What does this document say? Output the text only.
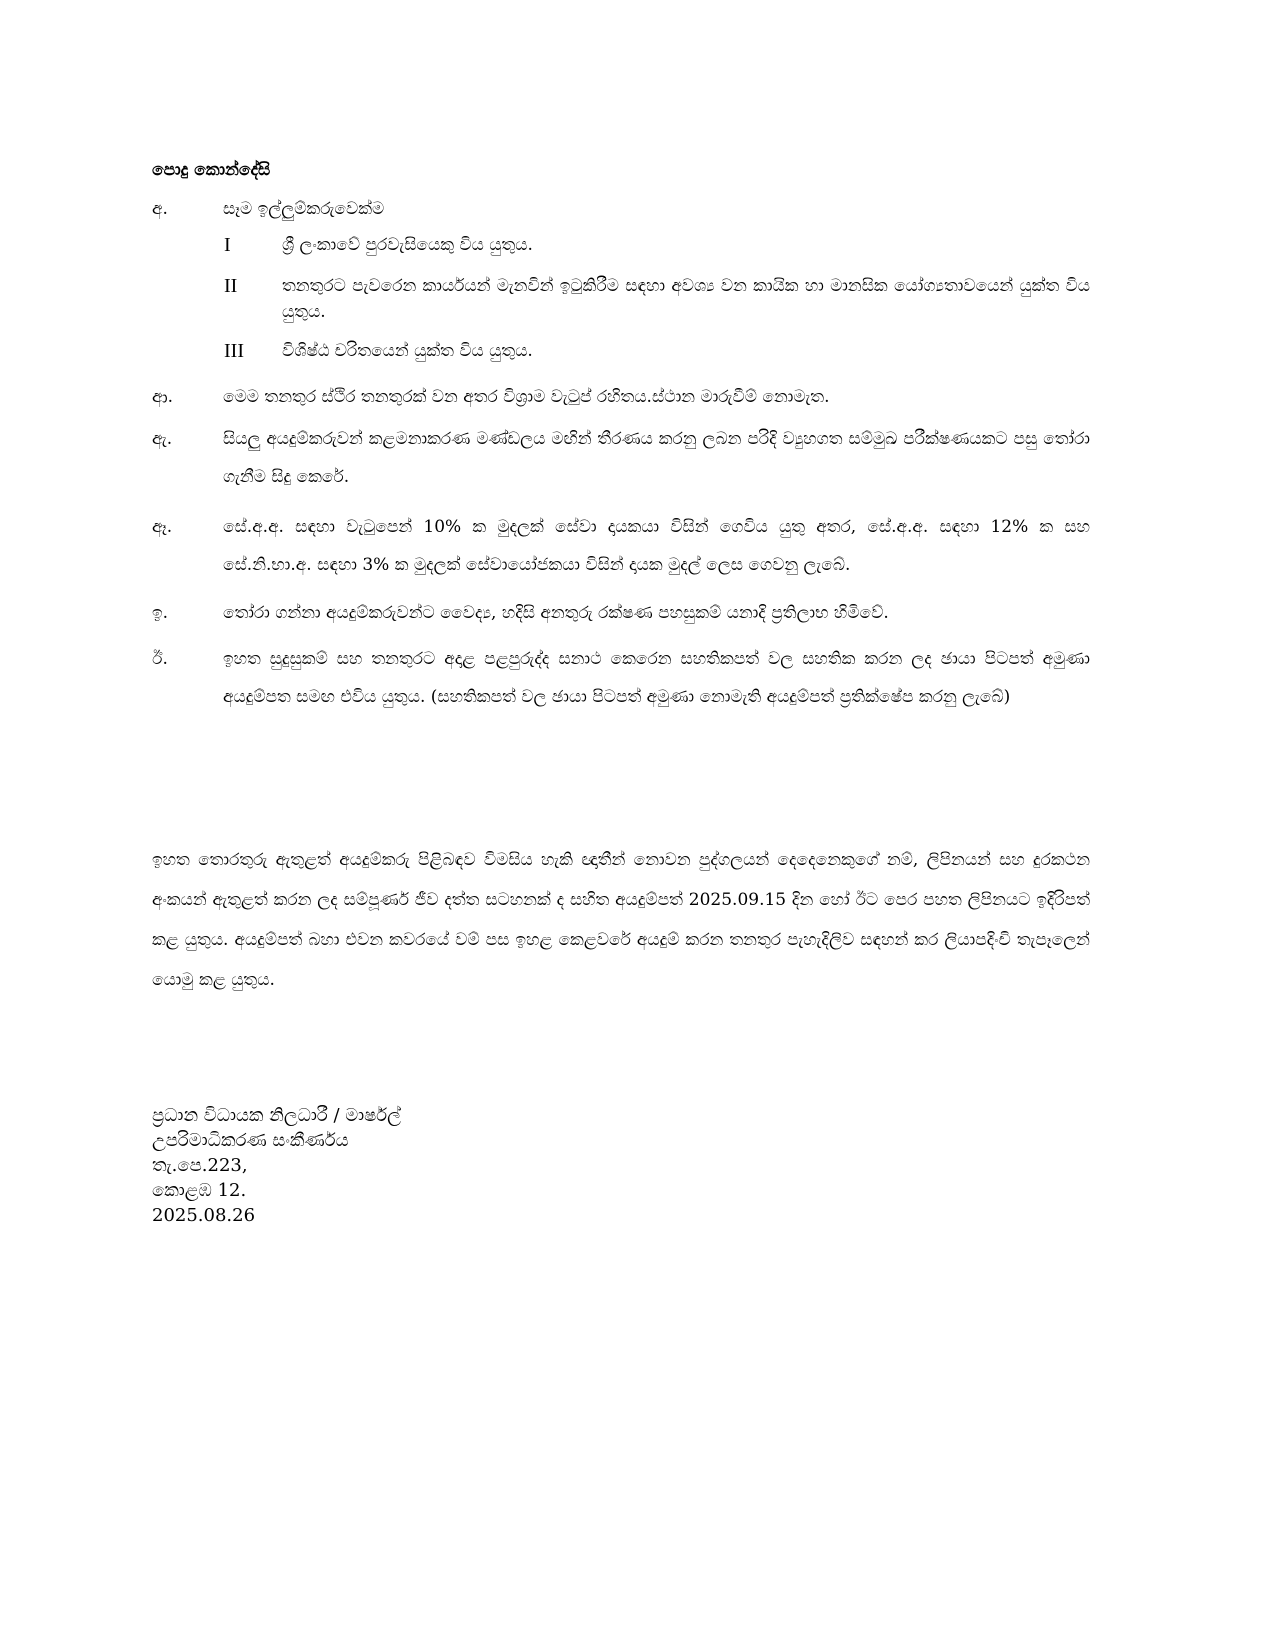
පොදු කොන්දේසි
අ.	සෑම ඉල්ලුම්කරුවෙක්ම
I	ශ්‍රී ලංකාවේ පුරවැසියෙකු විය යුතුය.
II	තනතුරට පැවරෙන කාර්යයන් මැනවින් ඉටුකිරීම සඳහා අවශ්‍ය වන කායික හා මානසික යෝග්‍යතාවයෙන් යුක්ත විය යුතුය.
III විශිෂ්ඨ චරිතයෙන් යුක්ත විය යුතුය.
ආ.	මෙම තනතුර ස්ථිර තනතුරක් වන අතර විශ්‍රාම වැටුප් රහිතය.ස්ථාන මාරුවීම් නොමැත.
ඇ.	සියලු අයදුම්කරුවන් කළමනාකරණ මණ්ඩලය මඟින් තීරණය කරනු ලබන පරිදි ව්‍යුහගත සම්මුඛ පරීක්ෂණයකට පසු තෝරා ගැනීම සිදු කෙරේ.
ඈ.	සේ.අ.අ. සඳහා වැටුපෙන් 10% ක මුදලක් සේවා දායකයා විසින් ගෙවිය යුතු අතර, සේ.අ.අ. සඳහා 12% ක සහ සේ.නි.භා.අ. සඳහා 3% ක මුදලක් සේවායෝජකයා විසින් දායක මුදල් ලෙස ගෙවනු ලැබේ.
ඉ.	තෝරා ගන්නා අයදුම්කරුවන්ට වෛද්‍ය, හදිසි අනතුරු රක්ෂණ පහසුකම් යනාදි ප්‍රතිලාභ හිමිවේ.
ඊ.	ඉහත සුදුසුකම් සහ තනතුරට අදාළ පළපුරුද්ද සනාථ කෙරෙන සහතිකපත් වල සහතික කරන ලද ඡායා පිටපත් අමුණා අයදුම්පත සමඟ එවිය යුතුය. (සහතිකපත් වල ඡායා පිටපත් අමුණා නොමැති අයදුම්පත් ප්‍රතික්ෂේප කරනු ලැබේ)
ඉහත තොරතුරු ඇතුළත් අයදුම්කරු පිළිබඳව විමසිය හැකි ඥාතීන් නොවන පුද්ගලයන් දෙදෙනෙකුගේ නම්, ලිපිනයන් සහ දුරකථන අංකයන් ඇතුළත් කරන ලද සම්පූර්ණ ජීව දත්ත සටහනක් ද සහිත අයදුම්පත් 2025.09.15 දින හෝ ඊට පෙර පහත ලිපිනයට ඉදිරිපත් කළ යුතුය. අයදුම්පත් බහා එවන කවරයේ වම් පස ඉහළ කෙළවරේ අයදුම් කරන තනතුර පැහැදිලිව සඳහන් කර ලියාපදිංචි තැපෑලෙන් යොමු කළ යුතුය.
ප්‍රධාන විධායක නිලධාරී / මාර්ෂල්
උපරිමාධිකරණ සංකීර්ණය
තැ.පෙ.223,
කොළඹ 12.
2025.08.26
